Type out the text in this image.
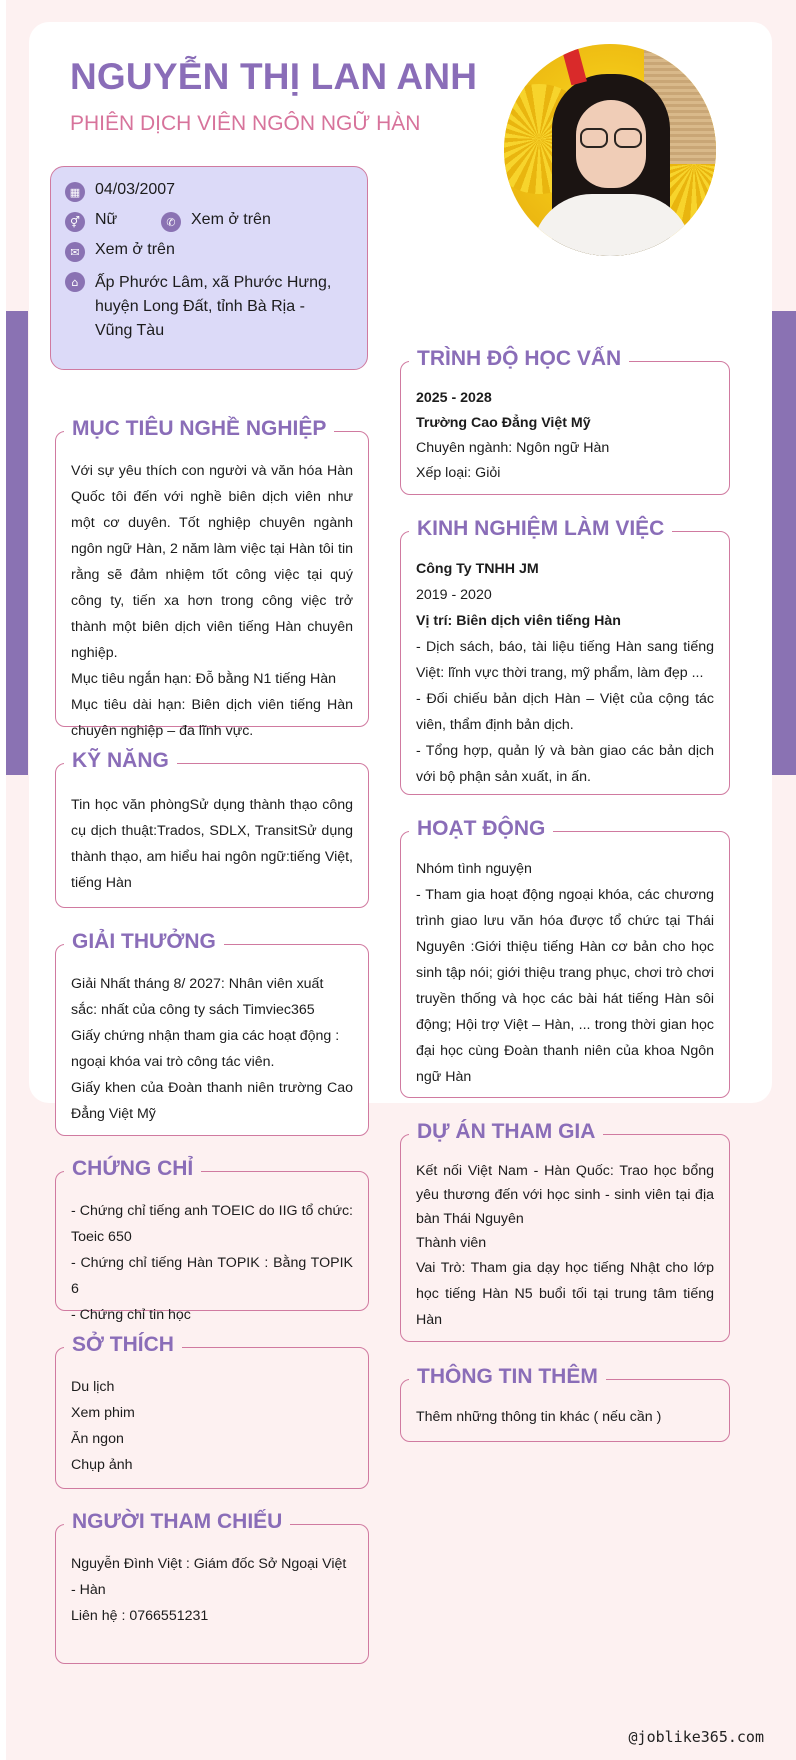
NGUYỄN THỊ LAN ANH
PHIÊN DỊCH VIÊN NGÔN NGỮ HÀN
▦ 04/03/2007
⚥ Nữ	✆ Xem ở trên
✉ Xem ở trên
⌂	Ấp Phước Lâm, xã Phước Hưng, huyện Long Đất, tỉnh Bà Rịa - Vũng Tàu
MỤC TIÊU NGHỀ NGHIỆP

Với sự yêu thích con người và văn hóa Hàn Quốc tôi đến với nghề biên dịch viên như một cơ duyên. Tốt nghiệp chuyên ngành ngôn ngữ Hàn, 2 năm làm việc tại Hàn tôi tin rằng sẽ đảm nhiệm tốt công việc tại quý công ty, tiến xa hơn trong công việc trở thành một biên dịch viên tiếng Hàn chuyên nghiệp.

Mục tiêu ngắn hạn: Đỗ bằng N1 tiếng Hàn

Mục tiêu dài hạn: Biên dịch viên tiếng Hàn chuyên nghiệp – đa lĩnh vực.

KỸ NĂNG

Tin học văn phòngSử dụng thành thạo công cụ dịch thuật:Trados, SDLX, TransitSử dụng thành thạo, am hiểu hai ngôn ngữ:tiếng Việt, tiếng Hàn

GIẢI THƯỞNG

Giải Nhất tháng 8/ 2027: Nhân viên xuất sắc: nhất của công ty sách Timviec365

Giấy chứng nhận tham gia các hoạt động : ngoại khóa vai trò công tác viên.

Giấy khen của Đoàn thanh niên trường Cao Đẳng Việt Mỹ

CHỨNG CHỈ

- Chứng chỉ tiếng anh TOEIC do IIG tổ chức: Toeic 650

- Chứng chỉ tiếng Hàn TOPIK : Bằng TOPIK 6

- Chứng chỉ tin học

SỞ THÍCH

Du lịch

Xem phim

Ăn ngon

Chụp ảnh

NGƯỜI THAM CHIẾU

Nguyễn Đình Việt : Giám đốc Sở Ngoại Việt - Hàn

Liên hệ : 0766551231

TRÌNH ĐỘ HỌC VẤN

2025 - 2028

Trường Cao Đẳng Việt Mỹ

Chuyên ngành: Ngôn ngữ Hàn

Xếp loại: Giỏi

KINH NGHIỆM LÀM VIỆC

Công Ty TNHH JM

2019 - 2020

Vị trí: Biên dịch viên tiếng Hàn

- Dịch sách, báo, tài liệu tiếng Hàn sang tiếng Việt: lĩnh vực thời trang, mỹ phẩm, làm đẹp ...

- Đối chiếu bản dịch Hàn – Việt của cộng tác viên, thẩm định bản dịch.

- Tổng hợp, quản lý và bàn giao các bản dịch với bộ phận sản xuất, in ấn.

HOẠT ĐỘNG

Nhóm tình nguyện

- Tham gia hoạt động ngoại khóa, các chương trình giao lưu văn hóa được tổ chức tại Thái Nguyên :Giới thiệu tiếng Hàn cơ bản cho học sinh tập nói; giới thiệu trang phục, chơi trò chơi truyền thống và học các bài hát tiếng Hàn sôi động; Hội trợ Việt – Hàn, ... trong thời gian học đại học cùng Đoàn thanh niên của khoa Ngôn ngữ Hàn

DỰ ÁN THAM GIA

Kết nối Việt Nam - Hàn Quốc: Trao học bổng yêu thương đến với học sinh - sinh viên tại địa bàn Thái Nguyên

Thành viên

Vai Trò: Tham gia dạy học tiếng Nhật cho lớp học tiếng Hàn N5 buổi tối tại trung tâm tiếng Hàn

THÔNG TIN THÊM

Thêm những thông tin khác ( nếu cần )

@joblike365.com
